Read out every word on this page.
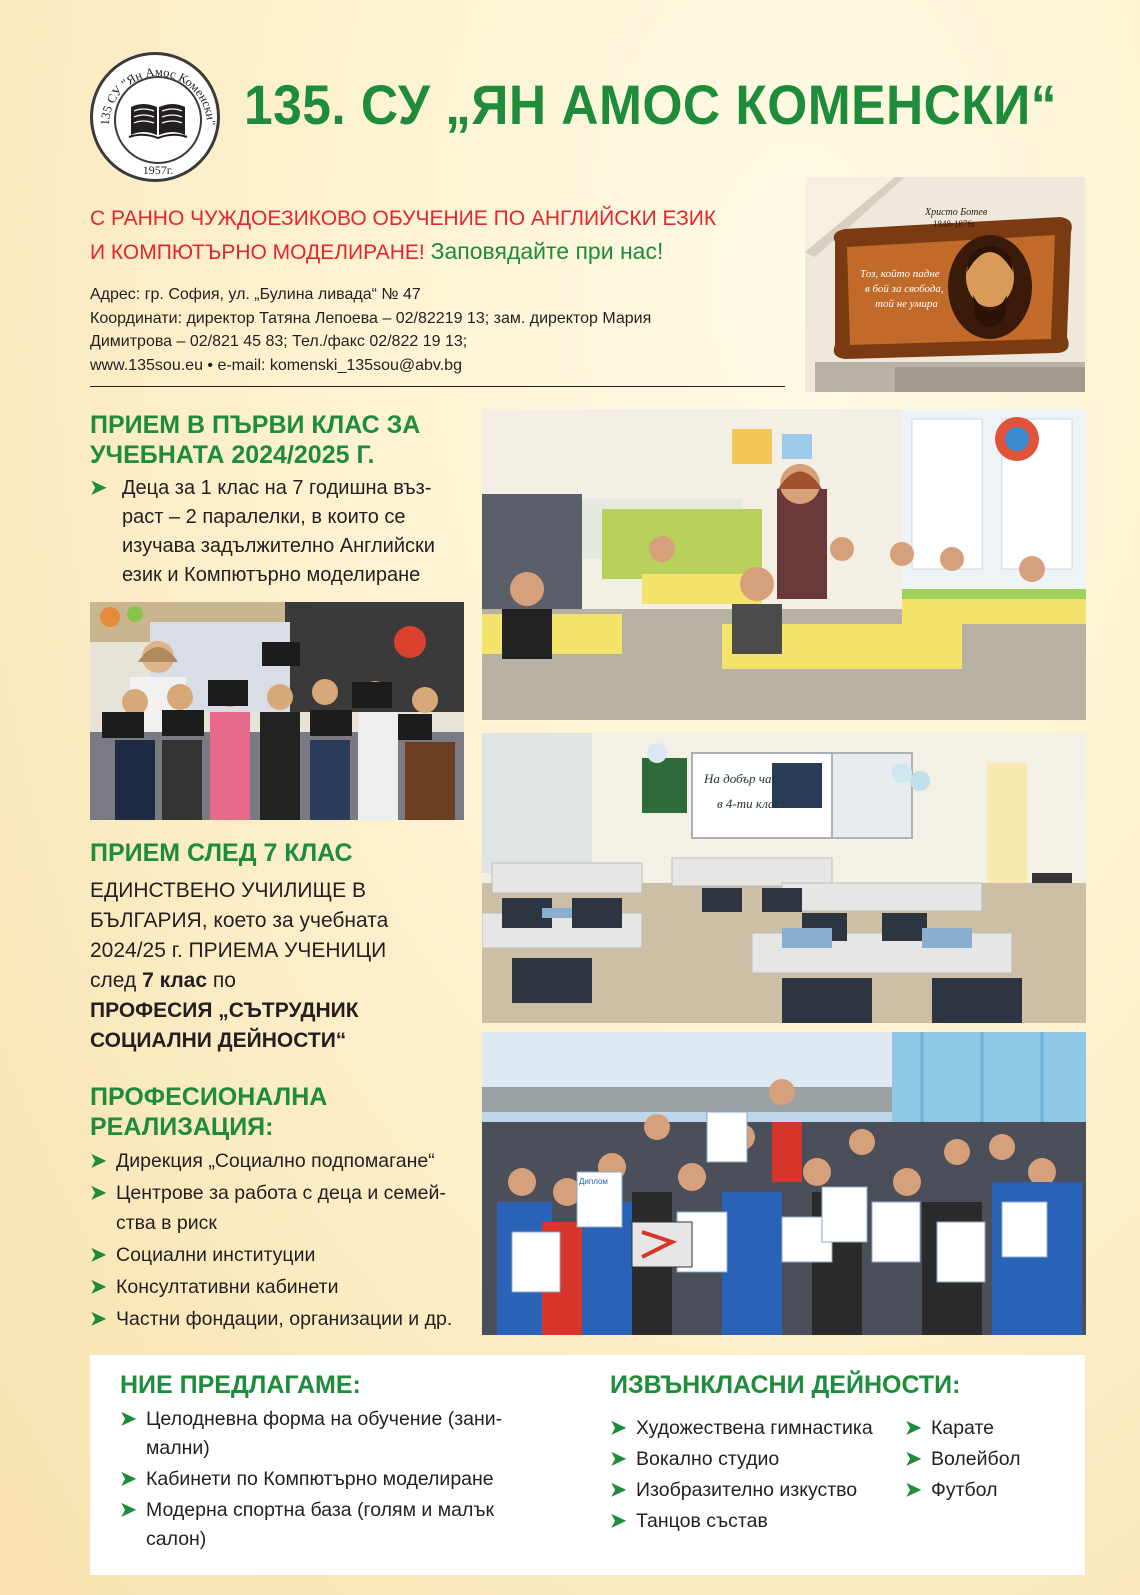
135 СУ "Ян Амос Коменски"
1957г.
135. СУ „ЯН АМОС КОМЕНСКИ“
С РАННО ЧУЖДОЕЗИКОВО ОБУЧЕНИЕ ПО АНГЛИЙСКИ ЕЗИК
И КОМПЮТЪРНО МОДЕЛИРАНЕ! Заповядайте при нас!
Адрес: гр. София, ул. „Булина ливада“ № 47
Координати: директор Татяна Лепоева – 02/82219 13; зам. директор Мария
Димитрова – 02/821 45 83; Тел./факс 02/822 19 13;
www.135sou.eu • e-mail: komenski_135sou@abv.bg
Христо Ботев
1848-1876г
Тоз, който падне
в бой за свобода,
той не умира
ПРИЕМ В ПЪРВИ КЛАС ЗА
УЧЕБНАТА 2024/2025 Г.
➤ Деца за 1 клас на 7 годишна въз-
раст – 2 паралелки, в които се
изучава задължително Английски
език и Компютърно моделиране
На добър час
в 4-ти клас!
Диплом
ПРИЕМ СЛЕД 7 КЛАС
ЕДИНСТВЕНО УЧИЛИЩЕ В
БЪЛГАРИЯ, което за учебната
2024/25 г. ПРИЕМА УЧЕНИЦИ
след 7 клас по
ПРОФЕСИЯ „СЪТРУДНИК
СОЦИАЛНИ ДЕЙНОСТИ“
ПРОФЕСИОНАЛНА
РЕАЛИЗАЦИЯ:
➤ Дирекция „Социално подпомагане“
➤ Центрове за работа с деца и семей-
ства в риск
➤ Социални институции
➤ Консултативни кабинети
➤ Частни фондации, организации и др.
НИЕ ПРЕДЛАГАМЕ:
➤ Целодневна форма на обучение (зани-
мални)
➤ Кабинети по Компютърно моделиране
➤ Модерна спортна база (голям и малък
салон)
ИЗВЪНКЛАСНИ ДЕЙНОСТИ:
➤ Художествена гимнастика
➤ Вокално студио
➤ Изобразително изкуство
➤ Танцов състав
➤ Карате
➤ Волейбол
➤ Футбол
